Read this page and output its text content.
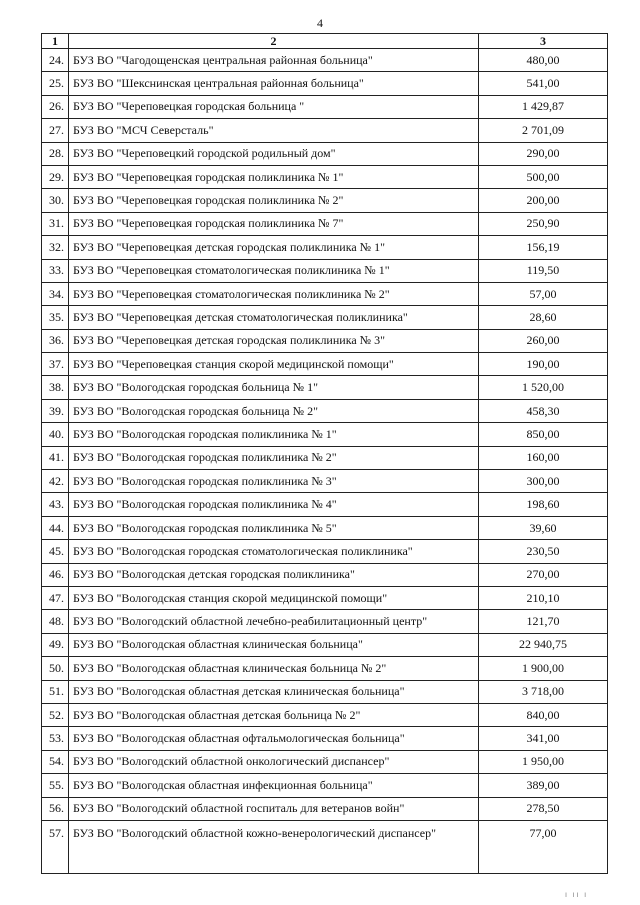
4
1	2	3
24.	БУЗ ВО "Чагодощенская центральная районная больница"	480,00
25.	БУЗ ВО "Шекснинская центральная районная больница"	541,00
26.	БУЗ ВО "Череповецкая городская больница "	1 429,87
27.	БУЗ ВО "МСЧ Северсталь"	2 701,09
28.	БУЗ ВО "Череповецкий городской родильный дом"	290,00
29.	БУЗ ВО "Череповецкая городская поликлиника № 1"	500,00
30.	БУЗ ВО "Череповецкая городская поликлиника № 2"	200,00
31.	БУЗ ВО "Череповецкая городская поликлиника № 7"	250,90
32.	БУЗ ВО "Череповецкая детская городская поликлиника № 1"	156,19
33.	БУЗ ВО "Череповецкая стоматологическая поликлиника № 1"	119,50
34.	БУЗ ВО "Череповецкая стоматологическая поликлиника № 2"	57,00
35.	БУЗ ВО "Череповецкая детская стоматологическая поликлиника"	28,60
36.	БУЗ ВО "Череповецкая детская городская поликлиника № 3"	260,00
37.	БУЗ ВО "Череповецкая станция скорой медицинской помощи"	190,00
38.	БУЗ ВО "Вологодская городская больница № 1"	1 520,00
39.	БУЗ ВО "Вологодская городская больница № 2"	458,30
40.	БУЗ ВО "Вологодская городская поликлиника № 1"	850,00
41.	БУЗ ВО "Вологодская городская поликлиника № 2"	160,00
42.	БУЗ ВО "Вологодская городская поликлиника № 3"	300,00
43.	БУЗ ВО "Вологодская городская поликлиника № 4"	198,60
44.	БУЗ ВО "Вологодская городская поликлиника № 5"	39,60
45.	БУЗ ВО "Вологодская городская стоматологическая поликлиника"	230,50
46.	БУЗ ВО "Вологодская детская городская поликлиника"	270,00
47.	БУЗ ВО "Вологодская станция скорой медицинской помощи"	210,10
48.	БУЗ ВО "Вологодский областной лечебно-реабилитационный центр"	121,70
49.	БУЗ ВО "Вологодская областная клиническая больница"	22 940,75
50.	БУЗ ВО "Вологодская областная клиническая больница № 2"	1 900,00
51.	БУЗ ВО "Вологодская областная детская клиническая больница"	3 718,00
52.	БУЗ ВО "Вологодская областная детская больница № 2"	840,00
53.	БУЗ ВО "Вологодская областная офтальмологическая больница"	341,00
54.	БУЗ ВО "Вологодский областной онкологический диспансер"	1 950,00
55.	БУЗ ВО "Вологодская областная инфекционная больница"	389,00
56.	БУЗ ВО "Вологодский областной госпиталь для ветеранов войн"	278,50
57.	БУЗ ВО "Вологодский областной кожно-венерологический диспансер"	77,00
I II I
